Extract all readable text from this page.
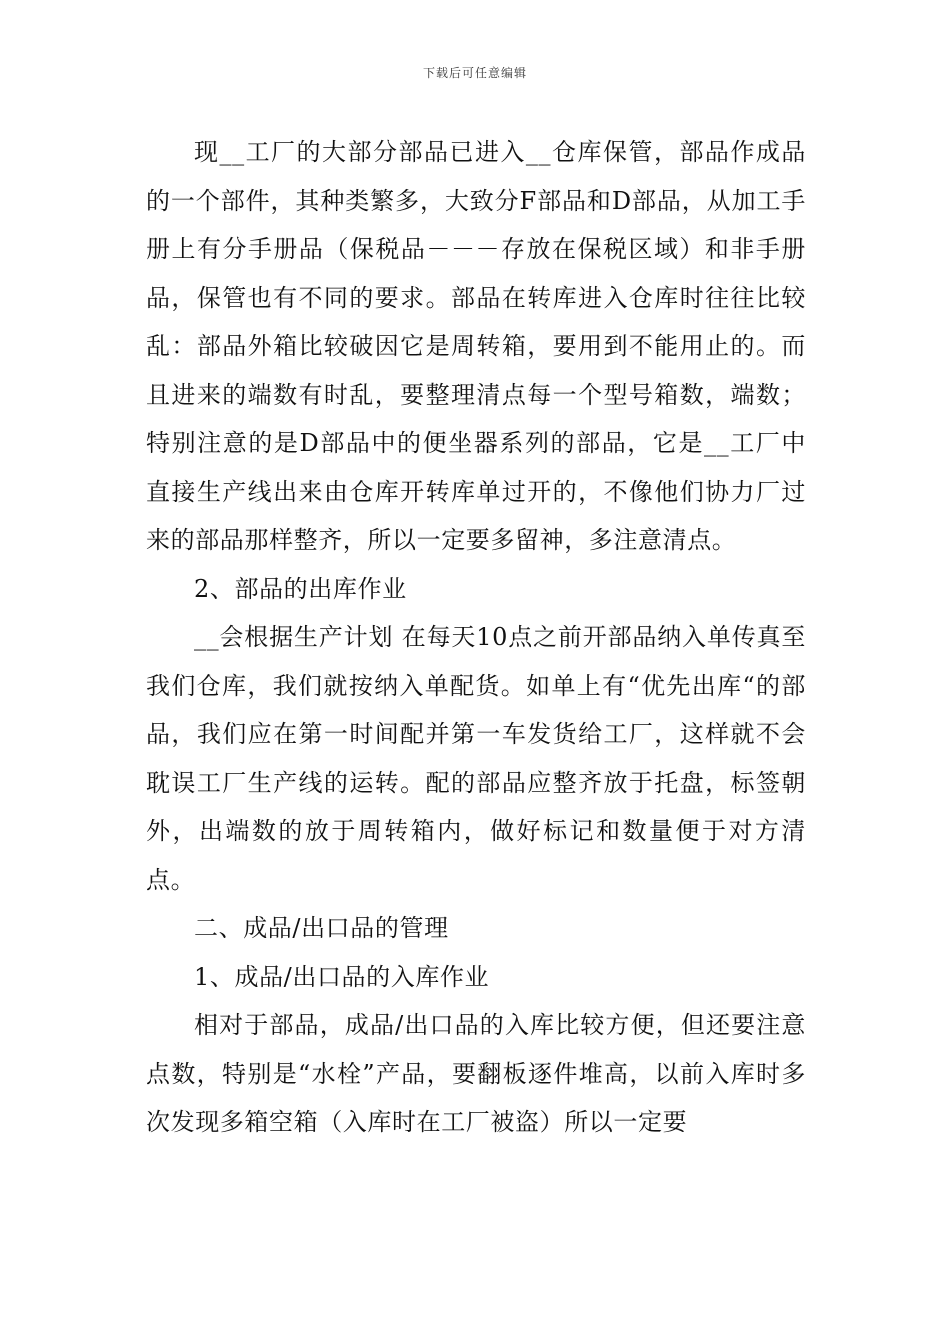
下载后可任意编辑

现__工厂的大部分部品已进入__仓库保管，部品作成品的一个部件，其种类繁多，大致分F部品和D部品，从加工手册上有分手册品（保税品－－－存放在保税区域）和非手册品，保管也有不同的要求。部品在转库进入仓库时往往比较乱：部品外箱比较破因它是周转箱，要用到不能用止的。而且进来的端数有时乱，要整理清点每一个型号箱数，端数；特别注意的是D部品中的便坐器系列的部品，它是__工厂中直接生产线出来由仓库开转库单过开的，不像他们协力厂过来的部品那样整齐，所以一定要多留神，多注意清点。

2、部品的出库作业

__会根据生产计划 在每天10点之前开部品纳入单传真至我们仓库，我们就按纳入单配货。如单上有“优先出库“的部品，我们应在第一时间配并第一车发货给工厂，这样就不会耽误工厂生产线的运转。配的部品应整齐放于托盘，标签朝外，出端数的放于周转箱内，做好标记和数量便于对方清点。

二、成品/出口品的管理

1、成品/出口品的入库作业

相对于部品，成品/出口品的入库比较方便，但还要注意点数，特别是“水栓”产品，要翻板逐件堆高，以前入库时多次发现多箱空箱（入库时在工厂被盗）所以一定要
